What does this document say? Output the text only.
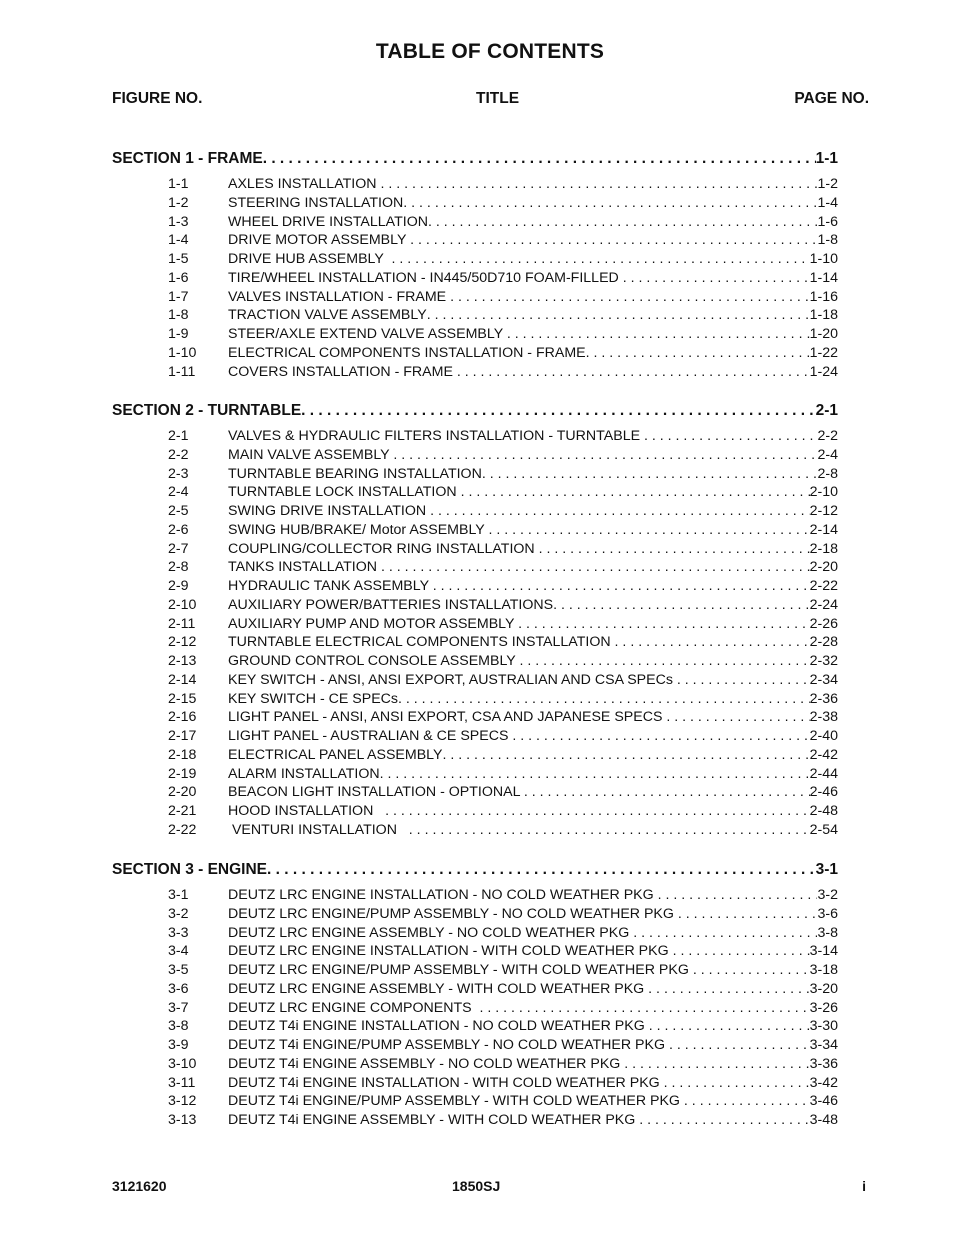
TABLE OF CONTENTS
FIGURE NO.	TITLE	PAGE NO.
SECTION 1 - FRAME . . .	1-1
1-1	AXLES INSTALLATION . . .	1-2
1-2	STEERING INSTALLATION . . .	1-4
1-3	WHEEL DRIVE INSTALLATION . . .	1-6
1-4	DRIVE MOTOR ASSEMBLY . . .	1-8
1-5	DRIVE HUB ASSEMBLY . . .	1-10
1-6	TIRE/WHEEL INSTALLATION - IN445/50D710 FOAM-FILLED . . .	1-14
1-7	VALVES INSTALLATION - FRAME . . .	1-16
1-8	TRACTION VALVE ASSEMBLY . . .	1-18
1-9	STEER/AXLE EXTEND VALVE ASSEMBLY . . .	1-20
1-10	ELECTRICAL COMPONENTS INSTALLATION - FRAME . . .	1-22
1-11	COVERS INSTALLATION - FRAME . . .	1-24
SECTION 2 - TURNTABLE . . .	2-1
2-1	VALVES & HYDRAULIC FILTERS INSTALLATION - TURNTABLE . . .	2-2
2-2	MAIN VALVE ASSEMBLY . . .	2-4
2-3	TURNTABLE BEARING INSTALLATION . . .	2-8
2-4	TURNTABLE LOCK INSTALLATION . . .	2-10
2-5	SWING DRIVE INSTALLATION . . .	2-12
2-6	SWING HUB/BRAKE/ Motor ASSEMBLY . . .	2-14
2-7	COUPLING/COLLECTOR RING INSTALLATION . . .	2-18
2-8	TANKS INSTALLATION . . .	2-20
2-9	HYDRAULIC TANK ASSEMBLY . . .	2-22
2-10	AUXILIARY POWER/BATTERIES INSTALLATIONS . . .	2-24
2-11	AUXILIARY PUMP AND MOTOR ASSEMBLY . . .	2-26
2-12	TURNTABLE ELECTRICAL COMPONENTS INSTALLATION . . .	2-28
2-13	GROUND CONTROL CONSOLE ASSEMBLY . . .	2-32
2-14	KEY SWITCH - ANSI, ANSI EXPORT, AUSTRALIAN AND CSA SPECs . . .	2-34
2-15	KEY SWITCH - CE SPECs . . .	2-36
2-16	LIGHT PANEL - ANSI, ANSI EXPORT, CSA AND JAPANESE SPECS . . .	2-38
2-17	LIGHT PANEL - AUSTRALIAN & CE SPECS . . .	2-40
2-18	ELECTRICAL PANEL ASSEMBLY . . .	2-42
2-19	ALARM INSTALLATION . . .	2-44
2-20	BEACON LIGHT INSTALLATION - OPTIONAL . . .	2-46
2-21	HOOD INSTALLATION . . .	2-48
2-22	VENTURI INSTALLATION . . .	2-54
SECTION 3 - ENGINE . . .	3-1
3-1	DEUTZ LRC ENGINE INSTALLATION - NO COLD WEATHER PKG . . .	3-2
3-2	DEUTZ LRC ENGINE/PUMP ASSEMBLY - NO COLD WEATHER PKG . . .	3-6
3-3	DEUTZ LRC ENGINE ASSEMBLY - NO COLD WEATHER PKG . . .	3-8
3-4	DEUTZ LRC ENGINE INSTALLATION - WITH COLD WEATHER PKG . . .	3-14
3-5	DEUTZ LRC ENGINE/PUMP ASSEMBLY - WITH COLD WEATHER PKG . . .	3-18
3-6	DEUTZ LRC ENGINE ASSEMBLY - WITH COLD WEATHER PKG . . .	3-20
3-7	DEUTZ LRC ENGINE COMPONENTS . . .	3-26
3-8	DEUTZ T4i ENGINE INSTALLATION - NO COLD WEATHER PKG . . .	3-30
3-9	DEUTZ T4i ENGINE/PUMP ASSEMBLY - NO COLD WEATHER PKG . . .	3-34
3-10	DEUTZ T4i ENGINE ASSEMBLY - NO COLD WEATHER PKG . . .	3-36
3-11	DEUTZ T4i ENGINE INSTALLATION - WITH COLD WEATHER PKG . . .	3-42
3-12	DEUTZ T4i ENGINE/PUMP ASSEMBLY - WITH COLD WEATHER PKG . . .	3-46
3-13	DEUTZ T4i ENGINE ASSEMBLY - WITH COLD WEATHER PKG . . .	3-48
3121620	1850SJ	i
